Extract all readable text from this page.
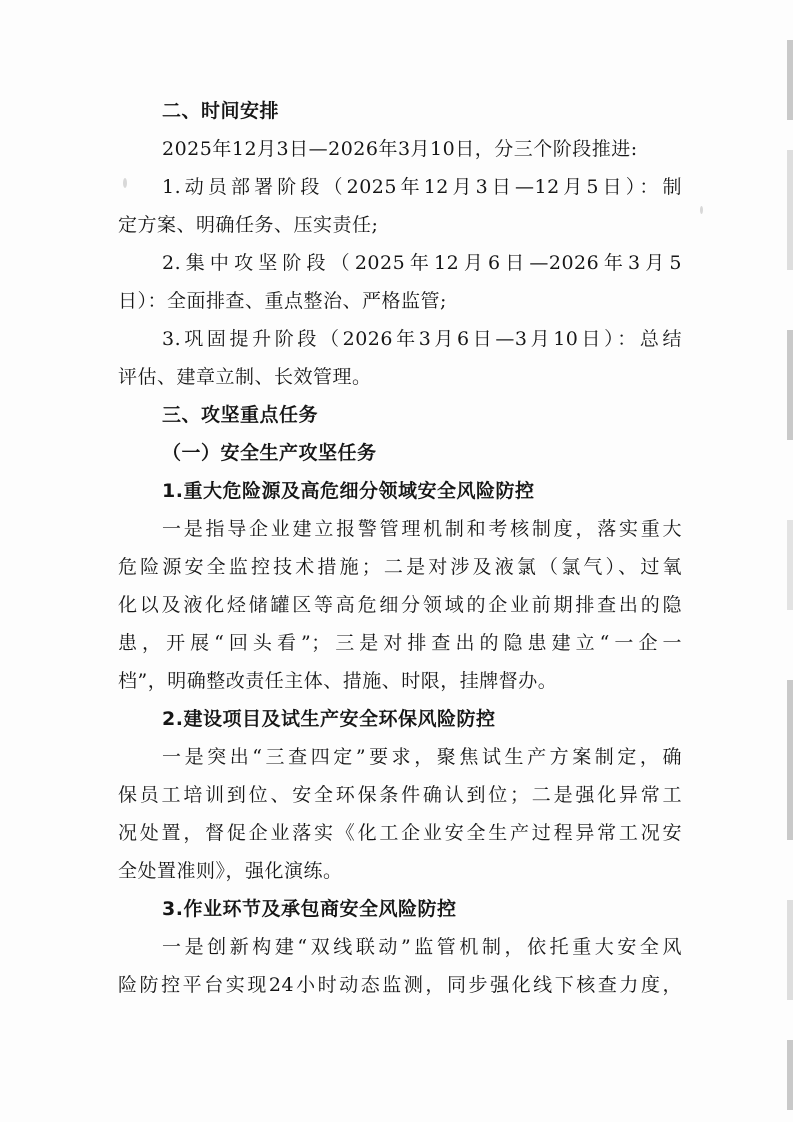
二、时间安排
2025年12月3日—2026年3月10日，分三个阶段推进:
1.动员部署阶段（2025年12月3日—12月5日）：制
定方案、明确任务、压实责任;
2.集中攻坚阶段（2025年12月6日—2026年3月5
日）：全面排查、重点整治、严格监管;
3.巩固提升阶段（2026年3月6日—3月10日）：总结
评估、建章立制、长效管理。
三、攻坚重点任务
（一）安全生产攻坚任务
1.重大危险源及高危细分领域安全风险防控
一是指导企业建立报警管理机制和考核制度，落实重大
危险源安全监控技术措施；二是对涉及液氯（氯气）、过氧
化以及液化烃储罐区等高危细分领域的企业前期排查出的隐
患，开展“回头看”；三是对排查出的隐患建立“一企一
档”，明确整改责任主体、措施、时限，挂牌督办。
2.建设项目及试生产安全环保风险防控
一是突出“三查四定”要求，聚焦试生产方案制定，确
保员工培训到位、安全环保条件确认到位；二是强化异常工
况处置，督促企业落实《化工企业安全生产过程异常工况安
全处置准则》，强化演练。
3.作业环节及承包商安全风险防控
一是创新构建“双线联动”监管机制，依托重大安全风
险防控平台实现24小时动态监测，同步强化线下核查力度，
